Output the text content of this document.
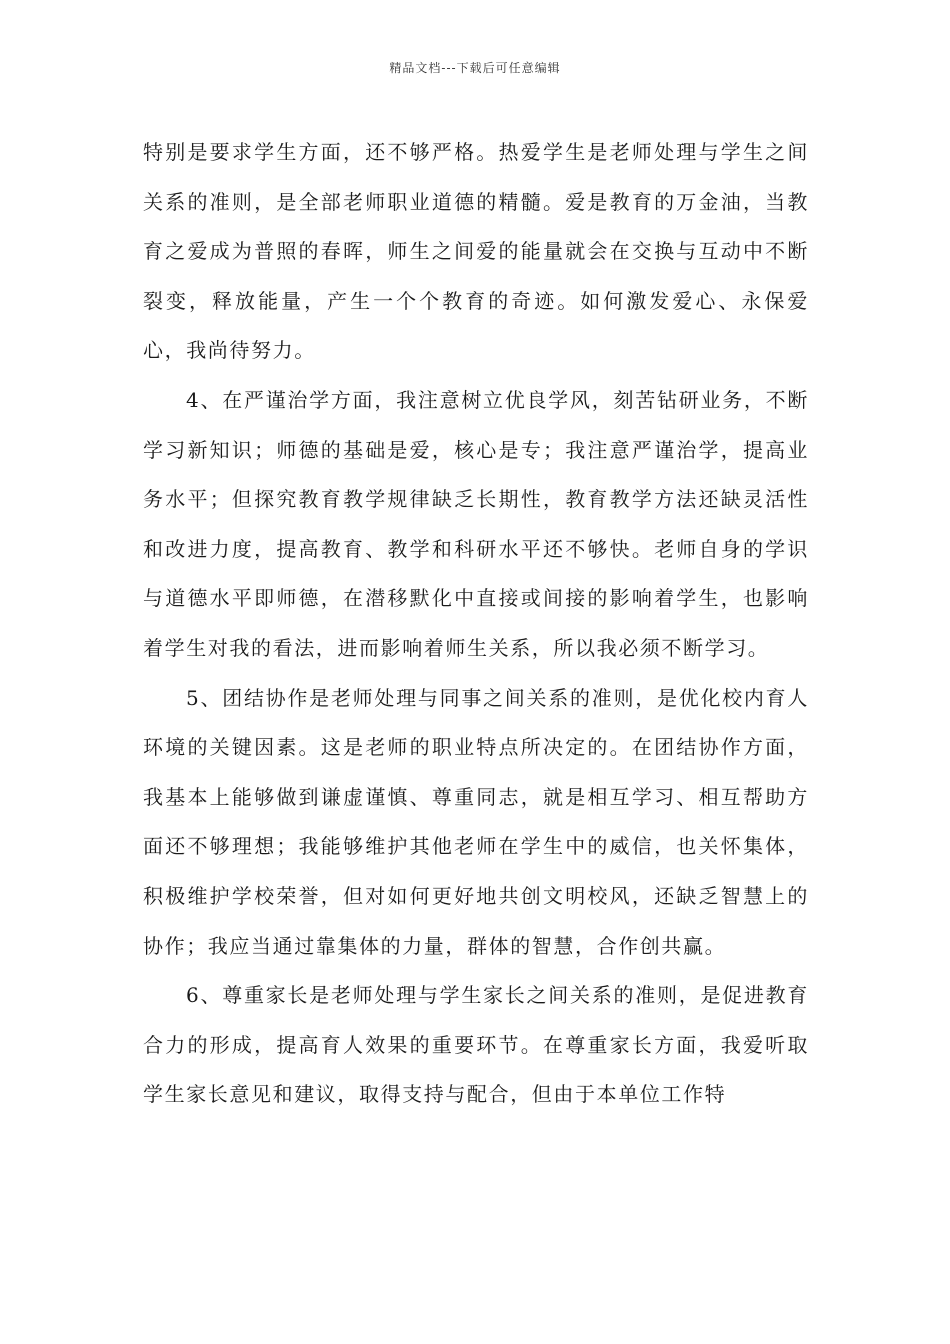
精品文档---下载后可任意编辑

特别是要求学生方面，还不够严格。热爱学生是老师处理与学生之间关系的准则，是全部老师职业道德的精髓。爱是教育的万金油，当教育之爱成为普照的春晖，师生之间爱的能量就会在交换与互动中不断裂变，释放能量，产生一个个教育的奇迹。如何激发爱心、永保爱心，我尚待努力。

4、在严谨治学方面，我注意树立优良学风，刻苦钻研业务，不断学习新知识；师德的基础是爱，核心是专；我注意严谨治学，提高业务水平；但探究教育教学规律缺乏长期性，教育教学方法还缺灵活性和改进力度，提高教育、教学和科研水平还不够快。老师自身的学识与道德水平即师德，在潜移默化中直接或间接的影响着学生，也影响着学生对我的看法，进而影响着师生关系，所以我必须不断学习。

5、团结协作是老师处理与同事之间关系的准则，是优化校内育人环境的关键因素。这是老师的职业特点所决定的。在团结协作方面，我基本上能够做到谦虚谨慎、尊重同志，就是相互学习、相互帮助方面还不够理想；我能够维护其他老师在学生中的威信，也关怀集体，积极维护学校荣誉，但对如何更好地共创文明校风，还缺乏智慧上的协作；我应当通过靠集体的力量，群体的智慧，合作创共赢。

6、尊重家长是老师处理与学生家长之间关系的准则，是促进教育合力的形成，提高育人效果的重要环节。在尊重家长方面，我爱听取学生家长意见和建议，取得支持与配合，但由于本单位工作特
